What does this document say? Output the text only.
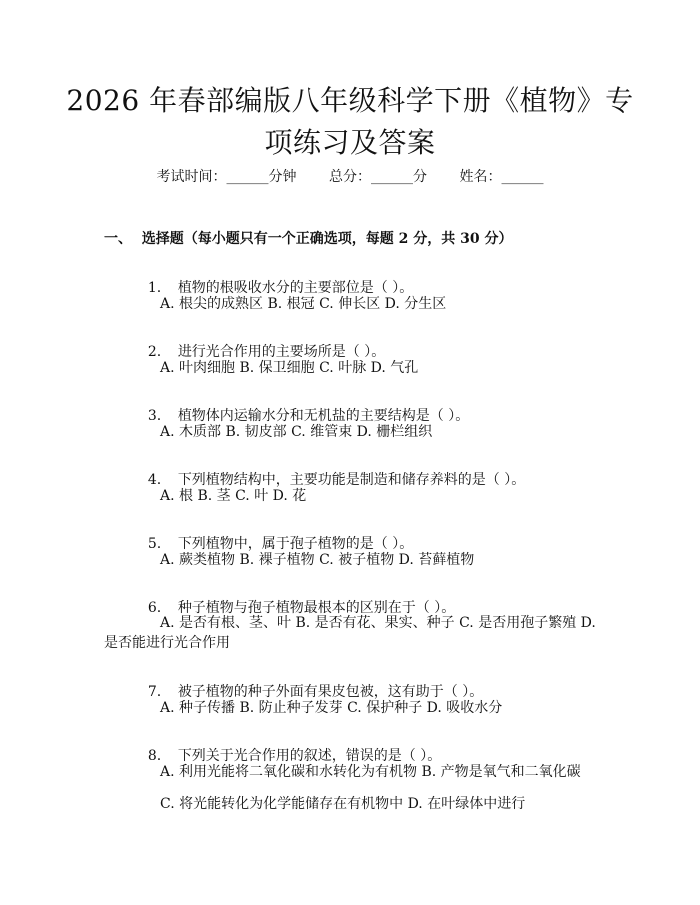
2026 年春部编版八年级科学下册《植物》专
项练习及答案
考试时间：______分钟 总分：______分 姓名：______
一、  选择题（每小题只有一个正确选项，每题 2 分，共 30 分）

1. 植物的根吸收水分的主要部位是（ ）。

A. 根尖的成熟区 B. 根冠 C. 伸长区 D. 分生区

2. 进行光合作用的主要场所是（ ）。

A. 叶肉细胞 B. 保卫细胞 C. 叶脉 D. 气孔

3. 植物体内运输水分和无机盐的主要结构是（ ）。

A. 木质部 B. 韧皮部 C. 维管束 D. 栅栏组织

4. 下列植物结构中，主要功能是制造和储存养料的是（ ）。

A. 根 B. 茎 C. 叶 D. 花

5. 下列植物中，属于孢子植物的是（ ）。

A. 蕨类植物 B. 裸子植物 C. 被子植物 D. 苔藓植物

6. 种子植物与孢子植物最根本的区别在于（ ）。

A. 是否有根、茎、叶 B. 是否有花、果实、种子 C. 是否用孢子繁殖 D. 是否能进行光合作用

7. 被子植物的种子外面有果皮包被，这有助于（ ）。

A. 种子传播 B. 防止种子发芽 C. 保护种子 D. 吸收水分

8. 下列关于光合作用的叙述，错误的是（ ）。

A. 利用光能将二氧化碳和水转化为有机物 B. 产物是氧气和二氧化碳
C. 将光能转化为化学能储存在有机物中 D. 在叶绿体中进行
